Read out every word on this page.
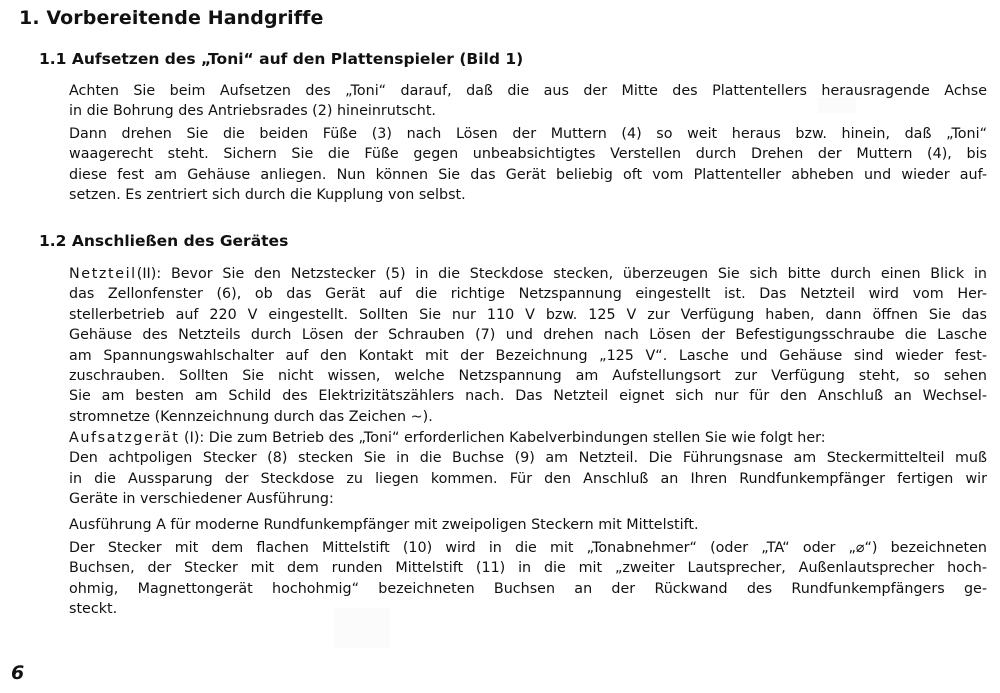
1. Vorbereitende Handgriffe
1.1 Aufsetzen des „Toni“ auf den Plattenspieler (Bild 1)
Achten Sie beim Aufsetzen des „Toni“ darauf, daß die aus der Mitte des Plattentellers herausragende Achse
in die Bohrung des Antriebsrades (2) hineinrutscht.
Dann drehen Sie die beiden Füße (3) nach Lösen der Muttern (4) so weit heraus bzw. hinein, daß „Toni“
waagerecht steht. Sichern Sie die Füße gegen unbeabsichtigtes Verstellen durch Drehen der Muttern (4), bis
diese fest am Gehäuse anliegen. Nun können Sie das Gerät beliebig oft vom Plattenteller abheben und wieder auf-
setzen. Es zentriert sich durch die Kupplung von selbst.
1.2 Anschließen des Gerätes
Netzteil(II): Bevor Sie den Netzstecker (5) in die Steckdose stecken, überzeugen Sie sich bitte durch einen Blick in
das Zellonfenster (6), ob das Gerät auf die richtige Netzspannung eingestellt ist. Das Netzteil wird vom Her-
stellerbetrieb auf 220 V eingestellt. Sollten Sie nur 110 V bzw. 125 V zur Verfügung haben, dann öffnen Sie das
Gehäuse des Netzteils durch Lösen der Schrauben (7) und drehen nach Lösen der Befestigungsschraube die Lasche
am Spannungswahlschalter auf den Kontakt mit der Bezeichnung „125 V“. Lasche und Gehäuse sind wieder fest-
zuschrauben. Sollten Sie nicht wissen, welche Netzspannung am Aufstellungsort zur Verfügung steht, so sehen
Sie am besten am Schild des Elektrizitätszählers nach. Das Netzteil eignet sich nur für den Anschluß an Wechsel-
stromnetze (Kennzeichnung durch das Zeichen ∼).
Aufsatzgerät (I): Die zum Betrieb des „Toni“ erforderlichen Kabelverbindungen stellen Sie wie folgt her:
Den achtpoligen Stecker (8) stecken Sie in die Buchse (9) am Netzteil. Die Führungsnase am Steckermittelteil muß
in die Aussparung der Steckdose zu liegen kommen. Für den Anschluß an Ihren Rundfunkempfänger fertigen wir
Geräte in verschiedener Ausführung:
Ausführung A für moderne Rundfunkempfänger mit zweipoligen Steckern mit Mittelstift.
Der Stecker mit dem flachen Mittelstift (10) wird in die mit „Tonabnehmer“ (oder „TA“ oder „⌀“) bezeichneten
Buchsen, der Stecker mit dem runden Mittelstift (11) in die mit „zweiter Lautsprecher, Außenlautsprecher hoch-
ohmig, Magnettongerät hochohmig“ bezeichneten Buchsen an der Rückwand des Rundfunkempfängers ge-
steckt.
6
